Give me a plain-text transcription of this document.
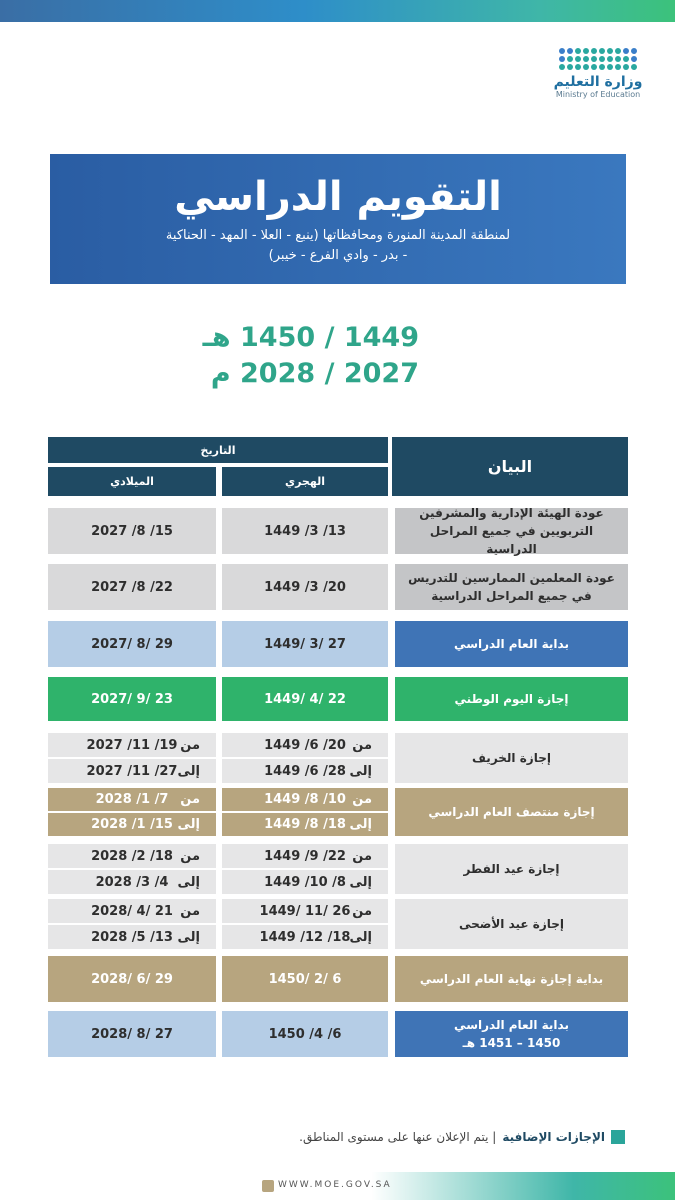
وزارة التعليم
Ministry of Education
التقويم الدراسي
لمنطقة المدينة المنورة ومحافظاتها (ينبع - العلا - المهد - الحناكية
- بدر - وادي الفرع - خيبر)
1449 / 1450 هـ
2027 / 2028 م
البيان
التاريخ
الهجري
الميلادي
عودة الهيئة الإدارية والمشرفين التربويين في جميع المراحل الدراسية
13/ 3/ 1449
15/ 8/ 2027
عودة المعلمين الممارسين للتدريس في جميع المراحل الدراسية
20/ 3/ 1449
22/ 8/ 2027
بداية العام الدراسي
27 /3 /1449
29 /8 /2027
إجازة اليوم الوطني
22 /4 /1449
23 /9 /2027
إجازة الخريف
20/ 6/ 1449 من
28/ 6/ 1449 إلى
19/ 11/ 2027 من
27/ 11/ 2027 إلى
إجازة منتصف العام الدراسي
10/ 8/ 1449 من
18/ 8/ 1449 إلى
7/ 1/ 2028 من
15/ 1/ 2028 إلى
إجازة عيد الفطر
22/ 9/ 1449 من
8/ 10/ 1449 إلى
18/ 2/ 2028 من
4/ 3/ 2028 إلى
إجازة عيد الأضحى
26 /11 /1449 من
18/ 12/ 1449 إلى
21 /4 /2028 من
13/ 5/ 2028 إلى
بداية إجازة نهاية العام الدراسي
6 /2 /1450
29 /6 /2028
بداية العام الدراسي
1450 – 1451 هـ
6/ 4/ 1450
27 /8 /2028
الإجازات الإضافية
| يتم الإعلان عنها على مستوى المناطق.
WWW.MOE.GOV.SA
